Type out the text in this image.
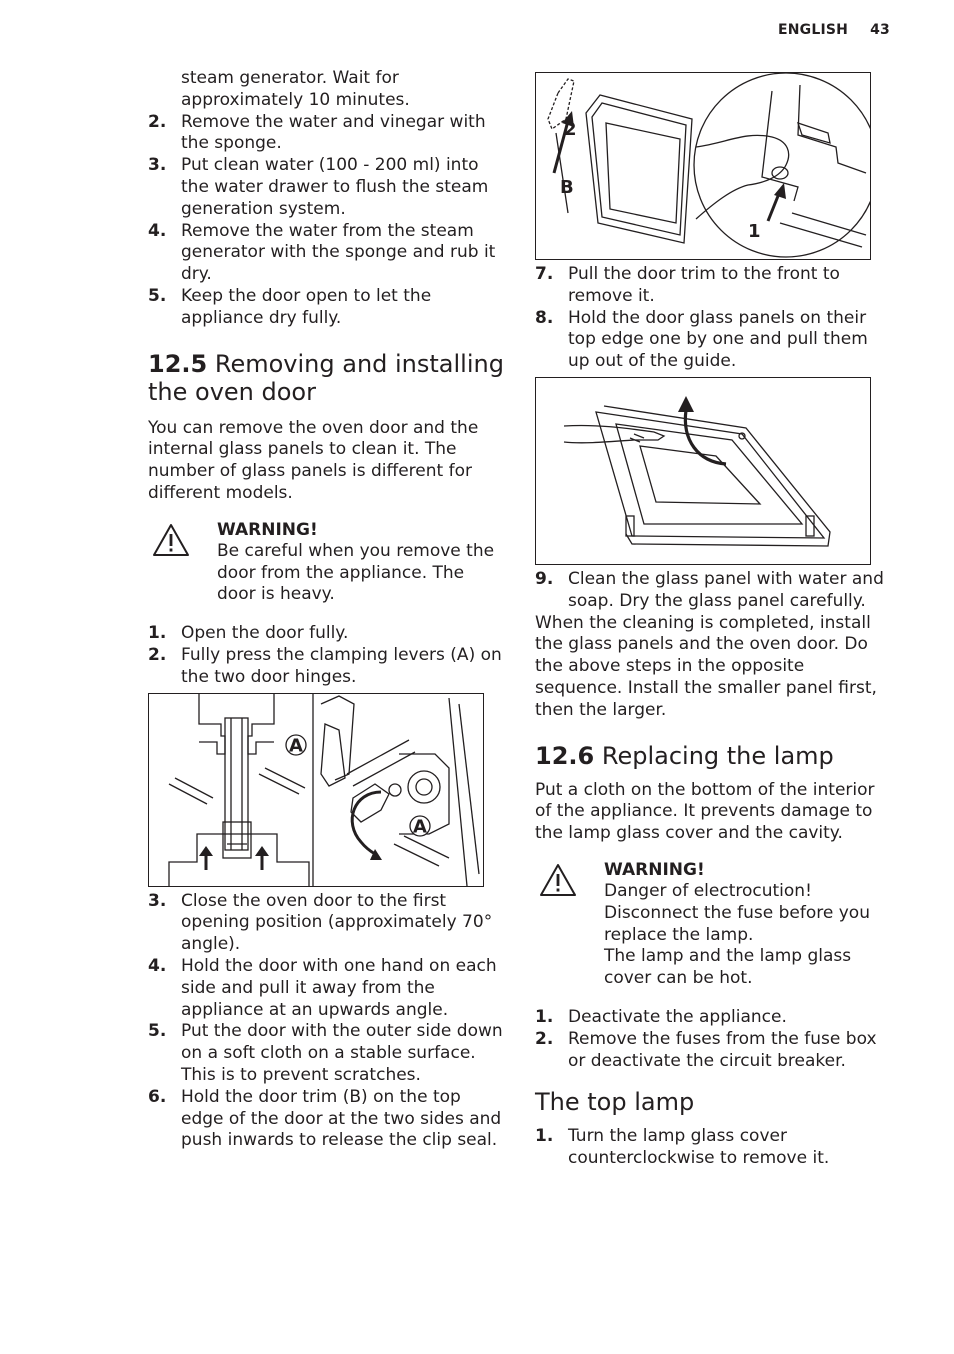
ENGLISH 43

steam generator. Wait for approximately 10 minutes.

2. Remove the water and vinegar with the sponge.
3. Put clean water (100 - 200 ml) into the water drawer to flush the steam generation system.
4. Remove the water from the steam generator with the sponge and rub it dry.
5. Keep the door open to let the appliance dry fully.
12.5 Removing and installing the oven door

You can remove the oven door and the internal glass panels to clean it. The number of glass panels is different for different models.

WARNING!
Be careful when you remove the door from the appliance. The door is heavy.
1. Open the door fully.
2. Fully press the clamping levers (A) on the two door hinges.
A
A
3. Close the oven door to the first opening position (approximately 70° angle).
4. Hold the door with one hand on each side and pull it away from the appliance at an upwards angle.
5. Put the door with the outer side down on a soft cloth on a stable surface. This is to prevent scratches.
6. Hold the door trim (B) on the top edge of the door at the two sides and push inwards to release the clip seal.
2
B
1
7. Pull the door trim to the front to remove it.
8. Hold the door glass panels on their top edge one by one and pull them up out of the guide.
9. Clean the glass panel with water and soap. Dry the glass panel carefully.

When the cleaning is completed, install the glass panels and the oven door. Do the above steps in the opposite sequence. Install the smaller panel first, then the larger.

12.6 Replacing the lamp

Put a cloth on the bottom of the interior of the appliance. It prevents damage to the lamp glass cover and the cavity.

WARNING!
Danger of electrocution! Disconnect the fuse before you replace the lamp.
The lamp and the lamp glass cover can be hot.
1. Deactivate the appliance.
2. Remove the fuses from the fuse box or deactivate the circuit breaker.
The top lamp
1. Turn the lamp glass cover counterclockwise to remove it.
